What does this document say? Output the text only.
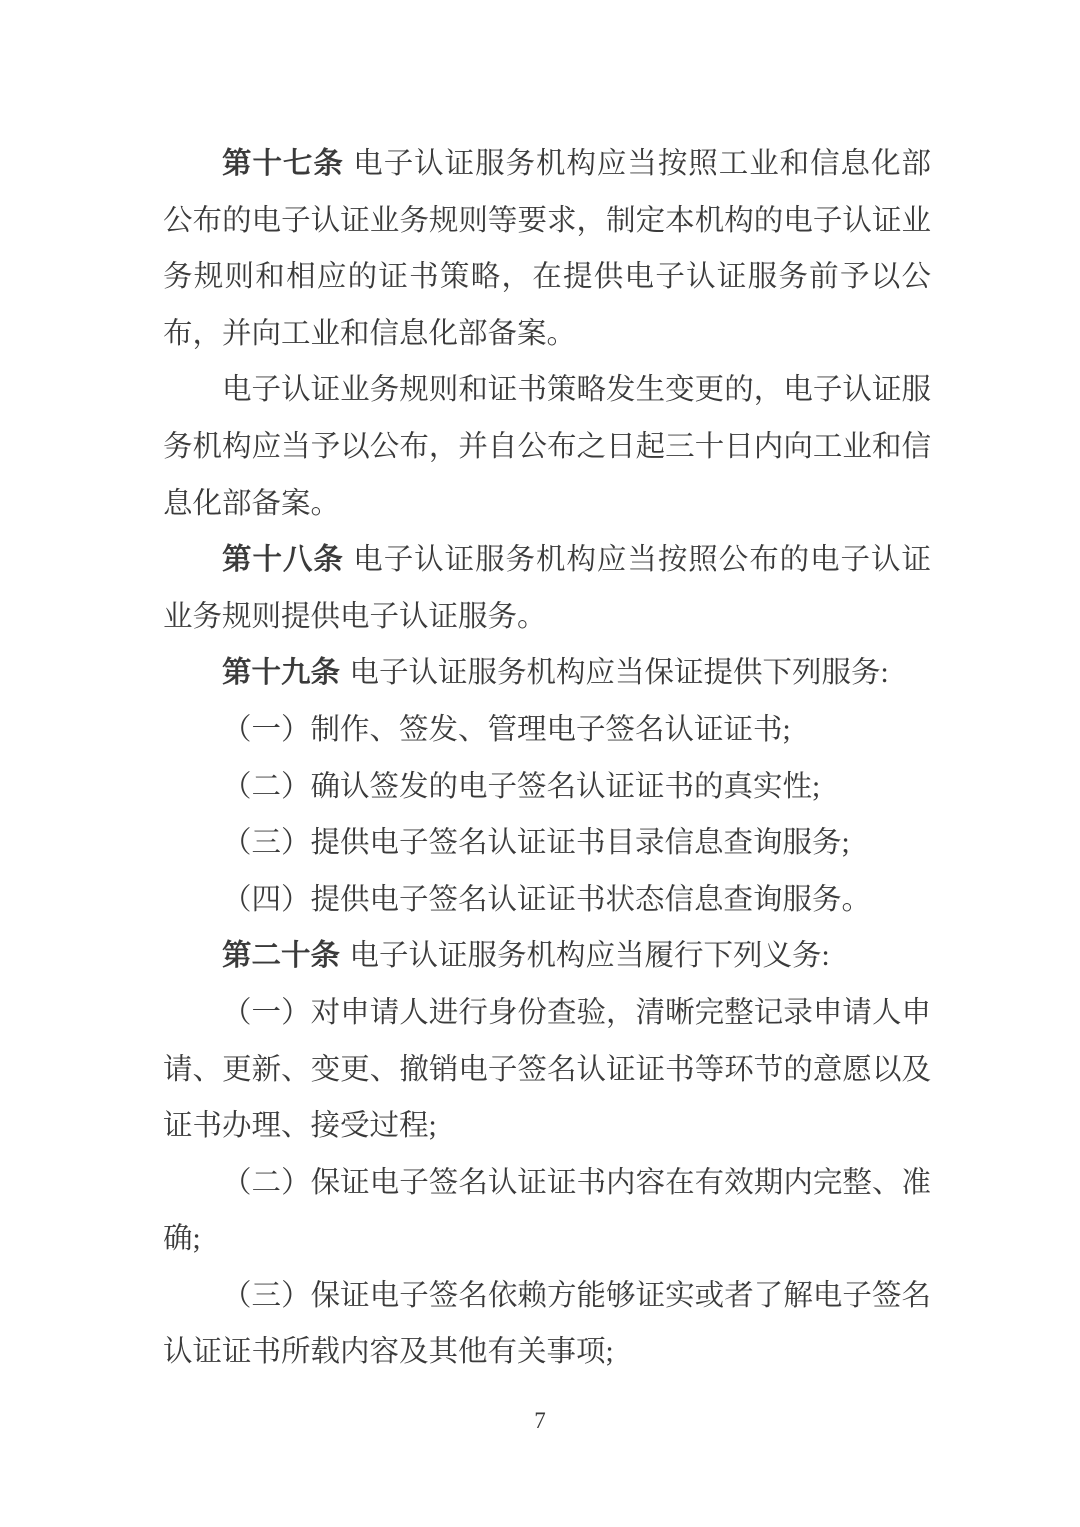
第十七条 电子认证服务机构应当按照工业和信息化部公布的电子认证业务规则等要求，制定本机构的电子认证业务规则和相应的证书策略，在提供电子认证服务前予以公布，并向工业和信息化部备案。

电子认证业务规则和证书策略发生变更的，电子认证服务机构应当予以公布，并自公布之日起三十日内向工业和信息化部备案。

第十八条 电子认证服务机构应当按照公布的电子认证业务规则提供电子认证服务。

第十九条 电子认证服务机构应当保证提供下列服务:

（一）制作、签发、管理电子签名认证证书;

（二）确认签发的电子签名认证证书的真实性;

（三）提供电子签名认证证书目录信息查询服务;

（四）提供电子签名认证证书状态信息查询服务。

第二十条 电子认证服务机构应当履行下列义务:

（一）对申请人进行身份查验，清晰完整记录申请人申请、更新、变更、撤销电子签名认证证书等环节的意愿以及证书办理、接受过程;

（二）保证电子签名认证证书内容在有效期内完整、准确;

（三）保证电子签名依赖方能够证实或者了解电子签名认证证书所载内容及其他有关事项;

7
